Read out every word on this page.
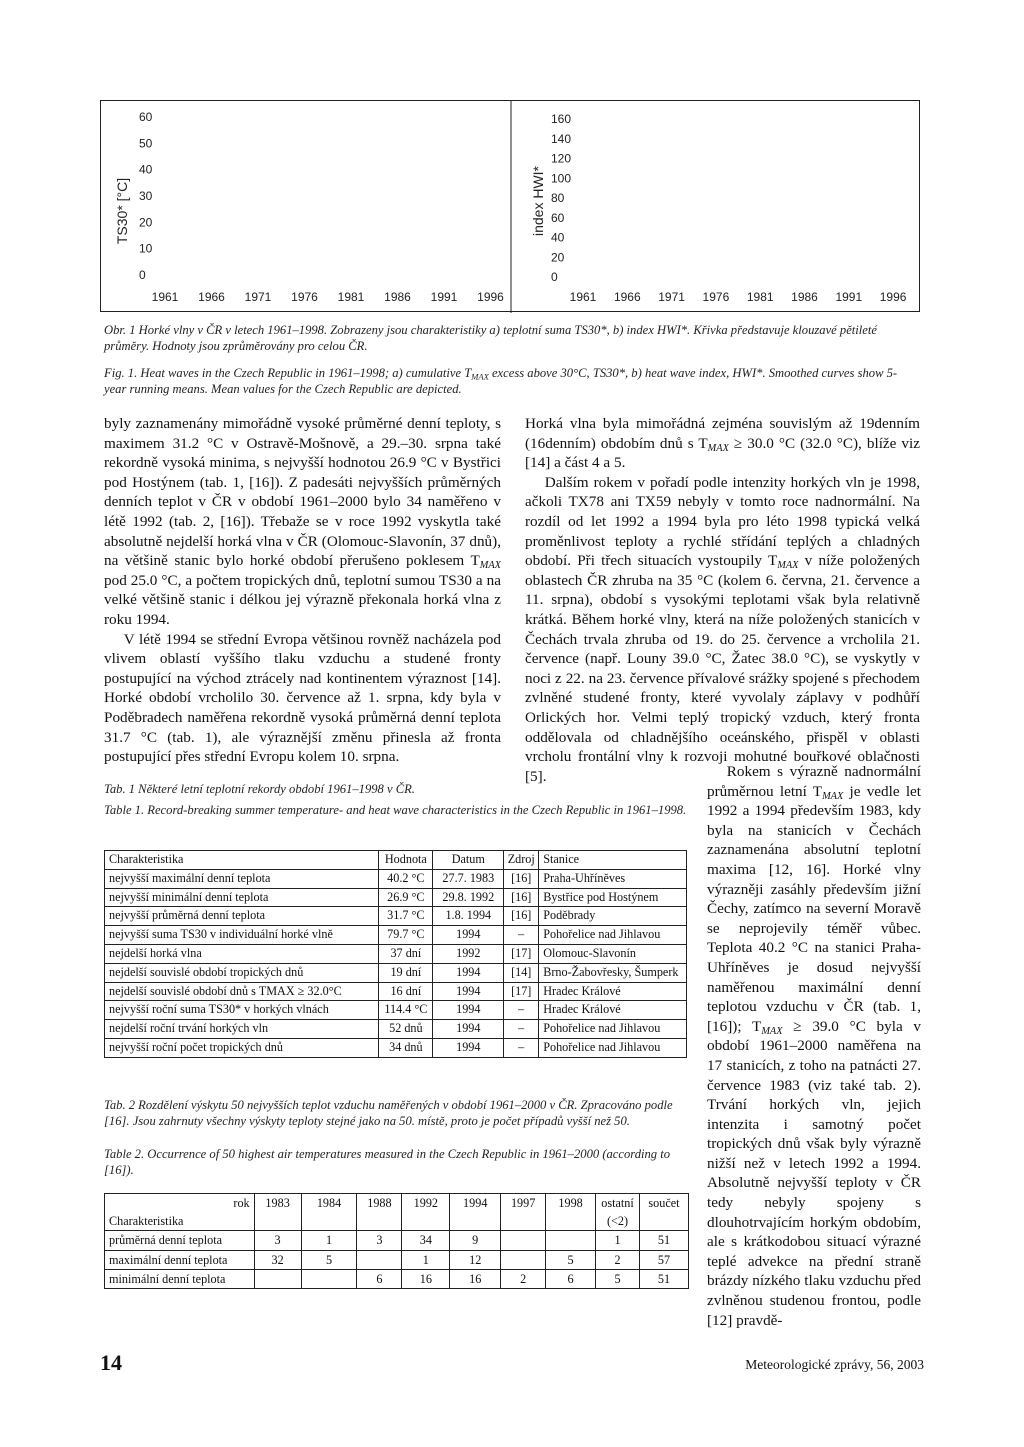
TS30* [°C]
60
50
40
30
20
10
0
1961 1966 1971 1976 1981 1986 1991 1996
index HWI*
160
140
120
100
80
60
40
20
0
1961 1966 1971 1976 1981 1986 1991 1996

Obr. 1 Horké vlny v ČR v letech 1961–1998. Zobrazeny jsou charakteristiky a) teplotní suma TS30*, b) index HWI*. Křivka představuje klouzavé pětileté průměry. Hodnoty jsou zprůměrovány pro celou ČR.

Fig. 1. Heat waves in the Czech Republic in 1961–1998; a) cumulative $T_{MAX}$ excess above 30°C, TS30*, b) heat wave index, HWI*. Smoothed curves show 5-year running means. Mean values for the Czech Republic are depicted.

byly zaznamenány mimořádně vysoké průměrné denní teploty, s maximem 31.2 °C v Ostravě-Mošnově, a 29.–30. srpna také rekordně vysoká minima, s nejvyšší hodnotou 26.9 °C v Bystřici pod Hostýnem (tab. 1, [16]). Z padesáti nejvyšších průměrných denních teplot v ČR v období 1961–2000 bylo 34 naměřeno v létě 1992 (tab. 2, [16]). Třebaže se v roce 1992 vyskytla také absolutně nejdelší horká vlna v ČR (Olomouc-Slavonín, 37 dnů), na většině stanic bylo horké období přerušeno poklesem $T_{MAX}$ pod 25.0 °C, a počtem tropických dnů, teplotní sumou TS30 a na velké většině stanic i délkou jej výrazně překonala horká vlna z roku 1994.

V létě 1994 se střední Evropa většinou rovněž nacházela pod vlivem oblastí vyššího tlaku vzduchu a studené fronty postupující na východ ztrácely nad kontinentem výraznost [14]. Horké období vrcholilo 30. července až 1. srpna, kdy byla v Poděbradech naměřena rekordně vysoká průměrná denní teplota 31.7 °C (tab. 1), ale výraznější změnu přinesla až fronta postupující přes střední Evropu kolem 10. srpna.

Horká vlna byla mimořádná zejména souvislým až 19denním (16denním) obdobím dnů s $T_{MAX} \ge 30.0$ °C (32.0 °C), blíže viz [14] a část 4 a 5.

Dalším rokem v pořadí podle intenzity horkých vln je 1998, ačkoli TX78 ani TX59 nebyly v tomto roce nadnormální. Na rozdíl od let 1992 a 1994 byla pro léto 1998 typická velká proměnlivost teploty a rychlé střídání teplých a chladných období. Při třech situacích vystoupily $T_{MAX}$ v níže položených oblastech ČR zhruba na 35 °C (kolem 6. června, 21. července a 11. srpna), období s vysokými teplotami však byla relativně krátká. Během horké vlny, která na níže položených stanicích v Čechách trvala zhruba od 19. do 25. července a vrcholila 21. července (např. Louny 39.0 °C, Žatec 38.0 °C), se vyskytly v noci z 22. na 23. července přívalové srážky spojené s přechodem zvlněné studené fronty, které vyvolaly záplavy v podhůří Orlických hor. Velmi teplý tropický vzduch, který fronta oddělovala od chladnějšího oceánského, přispěl v oblasti vrcholu frontální vlny k rozvoji mohutné bouřkové oblačnosti [5].	Rokem s výrazně nadnormální průměrnou letní $T_{MAX}$ je vedle let 1992 a 1994 především 1983, kdy byla na stanicích v Čechách zaznamenána absolutní teplotní maxima [12, 16]. Horké vlny výrazněji zasáhly především jižní Čechy, zatímco na severní Moravě se neprojevily téměř vůbec. Teplota 40.2 °C na stanici Praha-Uhříněves je dosud nejvyšší naměřenou maximální denní teplotou vzduchu v ČR (tab. 1, [16]); $T_{MAX} \ge 39.0$ °C byla v období 1961–2000 naměřena na 17 stanicích, z toho na patnácti 27. července 1983 (viz také tab. 2). Trvání horkých vln, jejich intenzita i samotný počet tropických dnů však byly výrazně nižší než v letech 1992 a 1994. Absolutně nejvyšší teploty v ČR tedy nebyly spojeny s dlouhotrvajícím horkým obdobím, ale s krátkodobou situací výrazné teplé advekce na přední straně brázdy nízkého tlaku vzduchu před zvlněnou studenou frontou, podle [12] pravdě-

Tab. 1 Některé letní teplotní rekordy období 1961–1998 v ČR.

Table 1. Record-breaking summer temperature- and heat wave characteristics in the Czech Republic in 1961–1998.

Charakteristika	Hodnota	Datum	Zdroj	Stanice
nejvyšší maximální denní teplota	40.2 °C	27.7. 1983	[16]	Praha-Uhříněves
nejvyšší minimální denní teplota	26.9 °C	29.8. 1992	[16]	Bystřice pod Hostýnem
nejvyšší průměrná denní teplota	31.7 °C	1.8. 1994	[16]	Poděbrady
nejvyšší suma TS30 v individuální horké vlně	79.7 °C	1994	–	Pohořelice nad Jihlavou
nejdelší horká vlna	37 dní	1992	[17]	Olomouc-Slavonín
nejdelší souvislé období tropických dnů	19 dní	1994	[14]	Brno-Žabovřesky, Šumperk
nejdelší souvislé období dnů s TMAX ≥ 32.0°C	16 dní	1994	[17]	Hradec Králové
nejvyšší roční suma TS30* v horkých vlnách	114.4 °C	1994	–	Hradec Králové
nejdelší roční trvání horkých vln	52 dnů	1994	–	Pohořelice nad Jihlavou
nejvyšší roční počet tropických dnů	34 dnů	1994	–	Pohořelice nad Jihlavou

Tab. 2 Rozdělení výskytu 50 nejvyšších teplot vzduchu naměřených v období 1961–2000 v ČR. Zpracováno podle [16]. Jsou zahrnuty všechny výskyty teploty stejné jako na 50. místě, proto je počet případů vyšší než 50.

Table 2. Occurrence of 50 highest air temperatures measured in the Czech Republic in 1961–2000 (according to [16]).

rok	1983	1984	1988	1992	1994	1997	1998	ostatní	součet
Charakteristika								(<2)	
průměrná denní teplota	3	1	3	34	9			1	51
maximální denní teplota	32	5		1	12		5	2	57
minimální denní teplota			6	16	16	2	6	5	51
14	Meteorologické zprávy, 56, 2003
